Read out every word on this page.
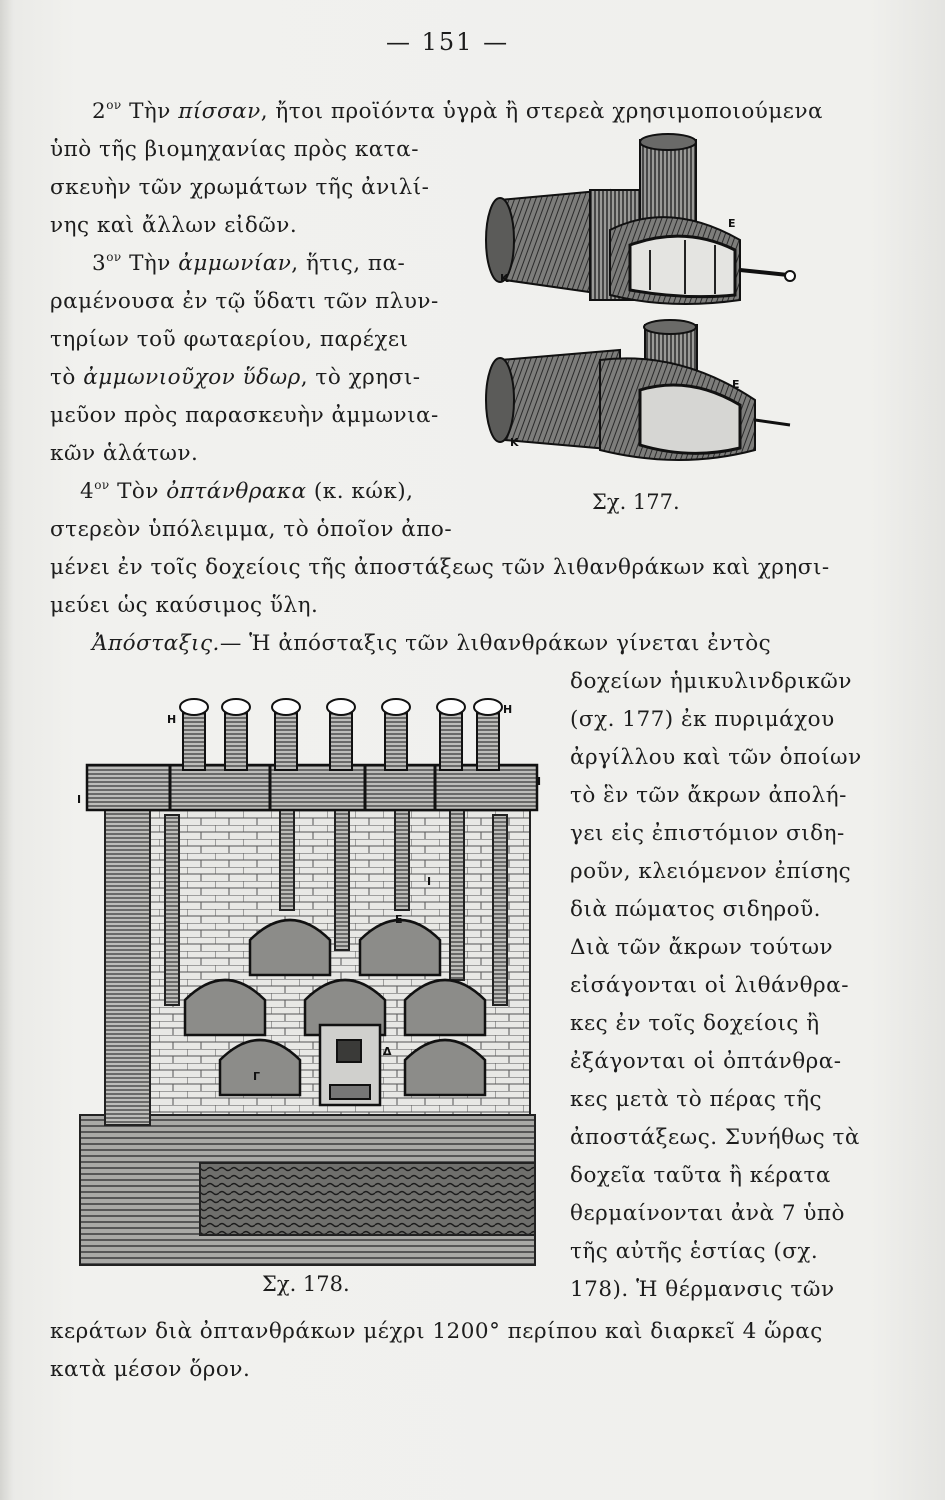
— 151 —
$2^{o\nu}$ Τὴν πίσσαν, ἤτοι προϊόντα ὑγρὰ ἢ στερεὰ χρησιμοποιούμενα
ὑπὸ τῆς βιομηχανίας πρὸς κατα-
σκευὴν τῶν χρωμάτων τῆς ἀνιλί-
νης καὶ ἄλλων εἰδῶν.
$3^{o\nu}$ Τὴν ἀμμωνίαν, ἥτις, πα-
ραμένουσα ἐν τῷ ὕδατι τῶν πλυν-
τηρίων τοῦ φωταερίου, παρέχει
τὸ ἀμμωνιοῦχον ὕδωρ, τὸ χρησι-
μεῦον πρὸς παρασκευὴν ἀμμωνια-
κῶν ἁλάτων.
$4^{o\nu}$ Τὸν ὀπτάνθρακα (κ. κώκ),
στερεὸν ὑπόλειμμα, τὸ ὁποῖον ἀπο-
μένει ἐν τοῖς δοχείοις τῆς ἀποστάξεως τῶν λιθανθράκων καὶ χρησι-
μεύει ὡς καύσιμος ὕλη.
Ἀπόσταξις.— Ἡ ἀπόσταξις τῶν λιθανθράκων γίνεται ἐντὸς
δοχείων ἡμικυλινδρικῶν
(σχ. 177) ἐκ πυριμάχου
ἀργίλλου καὶ τῶν ὁποίων
τὸ ἓν τῶν ἄκρων ἀπολή-
γει εἰς ἐπιστόμιον σιδη-
ροῦν, κλειόμενον ἐπίσης
διὰ πώματος σιδηροῦ.
Διὰ τῶν ἄκρων τούτων
εἰσάγονται οἱ λιθάνθρα-
κες ἐν τοῖς δοχείοις ἢ
ἐξάγονται οἱ ὀπτάνθρα-
κες μετὰ τὸ πέρας τῆς
ἀποστάξεως. Συνήθως τὰ
δοχεῖα ταῦτα ἢ κέρατα
θερμαίνονται ἀνὰ 7 ὑπὸ
τῆς αὐτῆς ἑστίας (σχ.
178). Ἡ θέρμανσις τῶν
κεράτων διὰ ὀπτανθράκων μέχρι 1200° περίπου καὶ διαρκεῖ 4 ὥρας
κατὰ μέσον ὅρον.
Κ
Ε
Κ
Ε
Σχ. 177.
Η
Η
Ι
Ι
Ι
Γ
Δ
Ε
Σχ. 178.
